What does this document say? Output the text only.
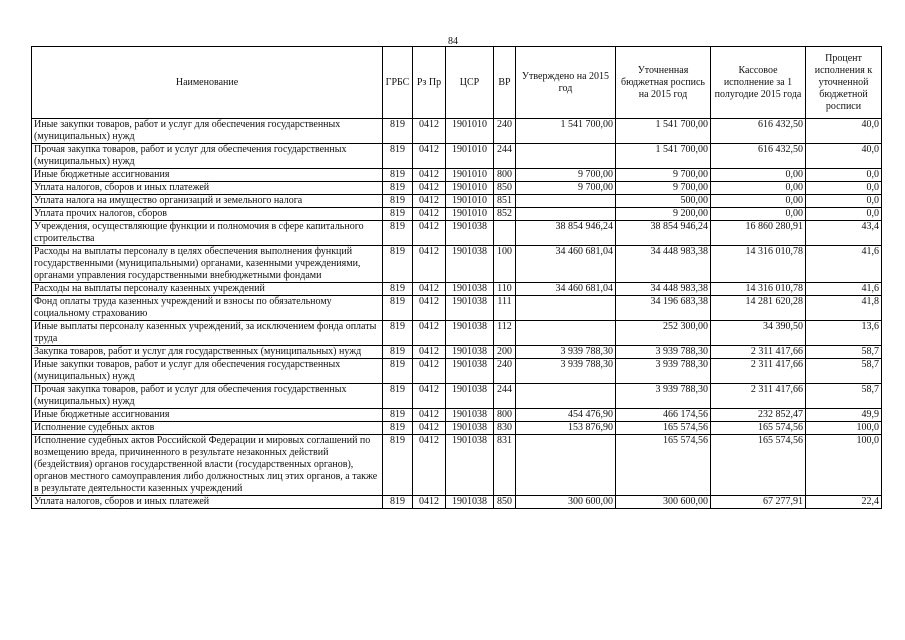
84
Наименование	ГРБС	Рз Пр	ЦСР	ВР	Утверждено на 2015 год	Уточненная бюджетная роспись на 2015 год	Кассовое исполнение за 1 полугодие 2015 года	Процент исполнения к уточненной бюджетной росписи
Иные закупки товаров, работ и услуг для обеспечения государственных (муниципальных) нужд	819	0412	1901010	240	1 541 700,00	1 541 700,00	616 432,50	40,0
Прочая закупка товаров, работ и услуг для обеспечения государственных (муниципальных) нужд	819	0412	1901010	244		1 541 700,00	616 432,50	40,0
Иные бюджетные ассигнования	819	0412	1901010	800	9 700,00	9 700,00	0,00	0,0
Уплата налогов, сборов и иных платежей	819	0412	1901010	850	9 700,00	9 700,00	0,00	0,0
Уплата налога на имущество организаций и земельного налога	819	0412	1901010	851		500,00	0,00	0,0
Уплата прочих налогов, сборов	819	0412	1901010	852		9 200,00	0,00	0,0
Учреждения, осуществляющие функции и полномочия в сфере капитального строительства	819	0412	1901038		38 854 946,24	38 854 946,24	16 860 280,91	43,4
Расходы на выплаты персоналу в целях обеспечения выполнения функций государственными (муниципальными) органами, казенными учреждениями, органами управления государственными внебюджетными фондами	819	0412	1901038	100	34 460 681,04	34 448 983,38	14 316 010,78	41,6
Расходы на выплаты персоналу казенных учреждений	819	0412	1901038	110	34 460 681,04	34 448 983,38	14 316 010,78	41,6
Фонд оплаты труда казенных учреждений и взносы по обязательному социальному страхованию	819	0412	1901038	111		34 196 683,38	14 281 620,28	41,8
Иные выплаты персоналу казенных учреждений, за исключением фонда оплаты труда	819	0412	1901038	112		252 300,00	34 390,50	13,6
Закупка товаров, работ и услуг для государственных (муниципальных) нужд	819	0412	1901038	200	3 939 788,30	3 939 788,30	2 311 417,66	58,7
Иные закупки товаров, работ и услуг для обеспечения государственных (муниципальных) нужд	819	0412	1901038	240	3 939 788,30	3 939 788,30	2 311 417,66	58,7
Прочая закупка товаров, работ и услуг для обеспечения государственных (муниципальных) нужд	819	0412	1901038	244		3 939 788,30	2 311 417,66	58,7
Иные бюджетные ассигнования	819	0412	1901038	800	454 476,90	466 174,56	232 852,47	49,9
Исполнение судебных актов	819	0412	1901038	830	153 876,90	165 574,56	165 574,56	100,0
Исполнение судебных актов Российской Федерации и мировых соглашений по возмещению вреда, причиненного в результате незаконных действий (бездействия) органов государственной власти (государственных органов), органов местного самоуправления либо должностных лиц этих органов, а также в результате деятельности казенных учреждений	819	0412	1901038	831		165 574,56	165 574,56	100,0
Уплата налогов, сборов и иных платежей	819	0412	1901038	850	300 600,00	300 600,00	67 277,91	22,4
